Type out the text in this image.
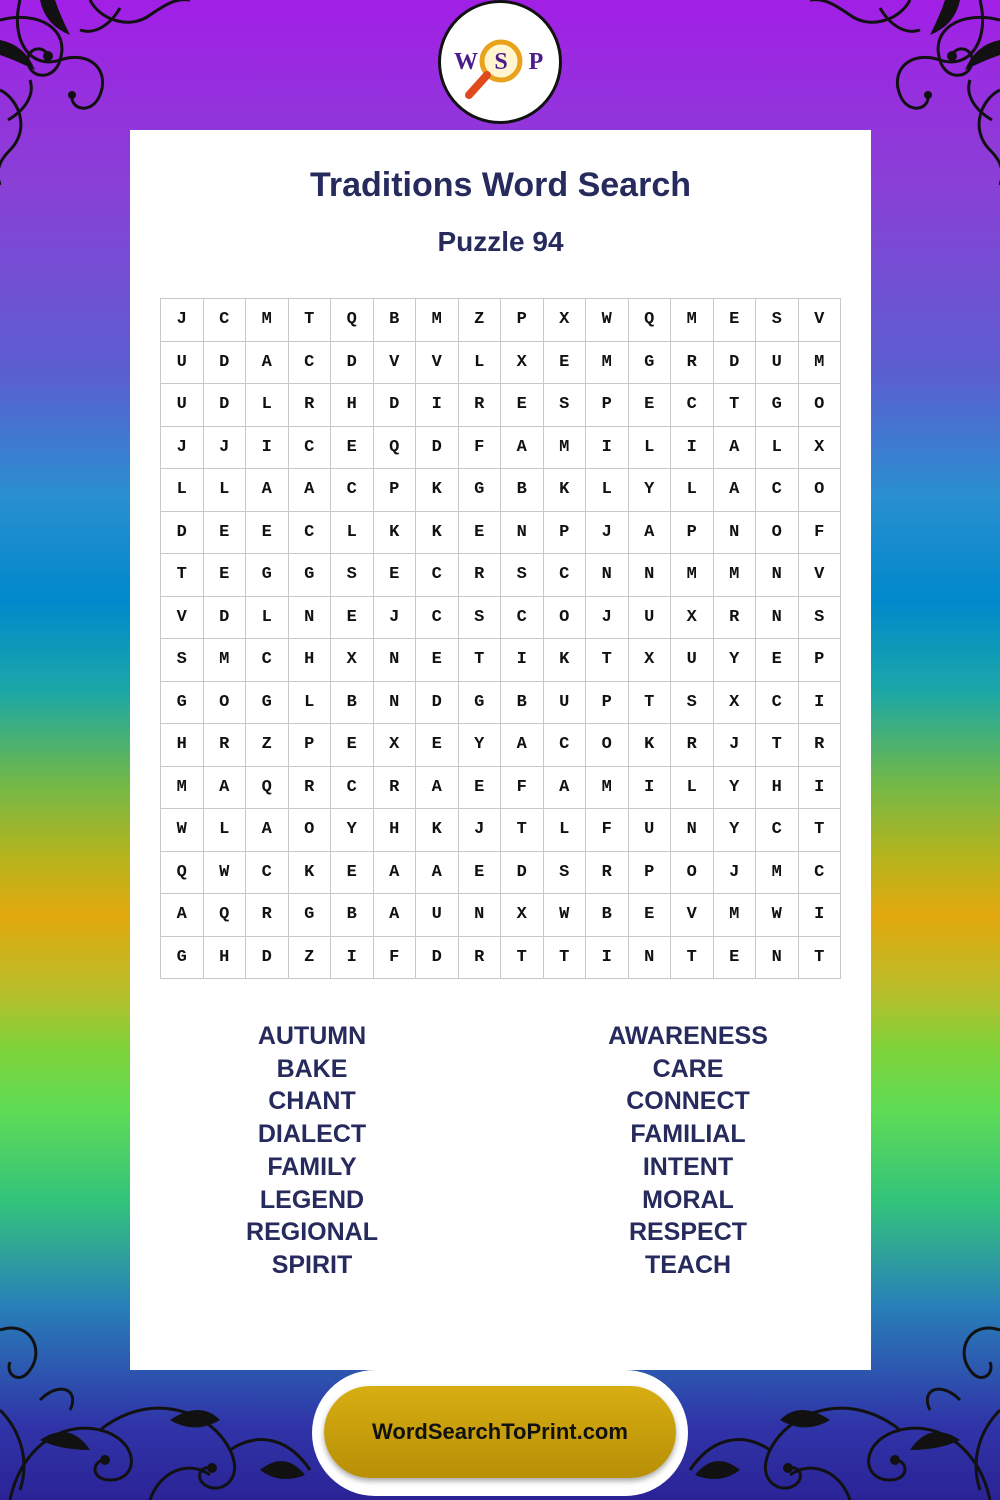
W S P
Traditions Word Search
Puzzle 94
J	C	M	T	Q	B	M	Z	P	X	W	Q	M	E	S	V
U	D	A	C	D	V	V	L	X	E	M	G	R	D	U	M
U	D	L	R	H	D	I	R	E	S	P	E	C	T	G	O
J	J	I	C	E	Q	D	F	A	M	I	L	I	A	L	X
L	L	A	A	C	P	K	G	B	K	L	Y	L	A	C	O
D	E	E	C	L	K	K	E	N	P	J	A	P	N	O	F
T	E	G	G	S	E	C	R	S	C	N	N	M	M	N	V
V	D	L	N	E	J	C	S	C	O	J	U	X	R	N	S
S	M	C	H	X	N	E	T	I	K	T	X	U	Y	E	P
G	O	G	L	B	N	D	G	B	U	P	T	S	X	C	I
H	R	Z	P	E	X	E	Y	A	C	O	K	R	J	T	R
M	A	Q	R	C	R	A	E	F	A	M	I	L	Y	H	I
W	L	A	O	Y	H	K	J	T	L	F	U	N	Y	C	T
Q	W	C	K	E	A	A	E	D	S	R	P	O	J	M	C
A	Q	R	G	B	A	U	N	X	W	B	E	V	M	W	I
G	H	D	Z	I	F	D	R	T	T	I	N	T	E	N	T
AUTUMN
BAKE
CHANT
DIALECT
FAMILY
LEGEND
REGIONAL
SPIRIT
AWARENESS
CARE
CONNECT
FAMILIAL
INTENT
MORAL
RESPECT
TEACH
WordSearchToPrint.com
